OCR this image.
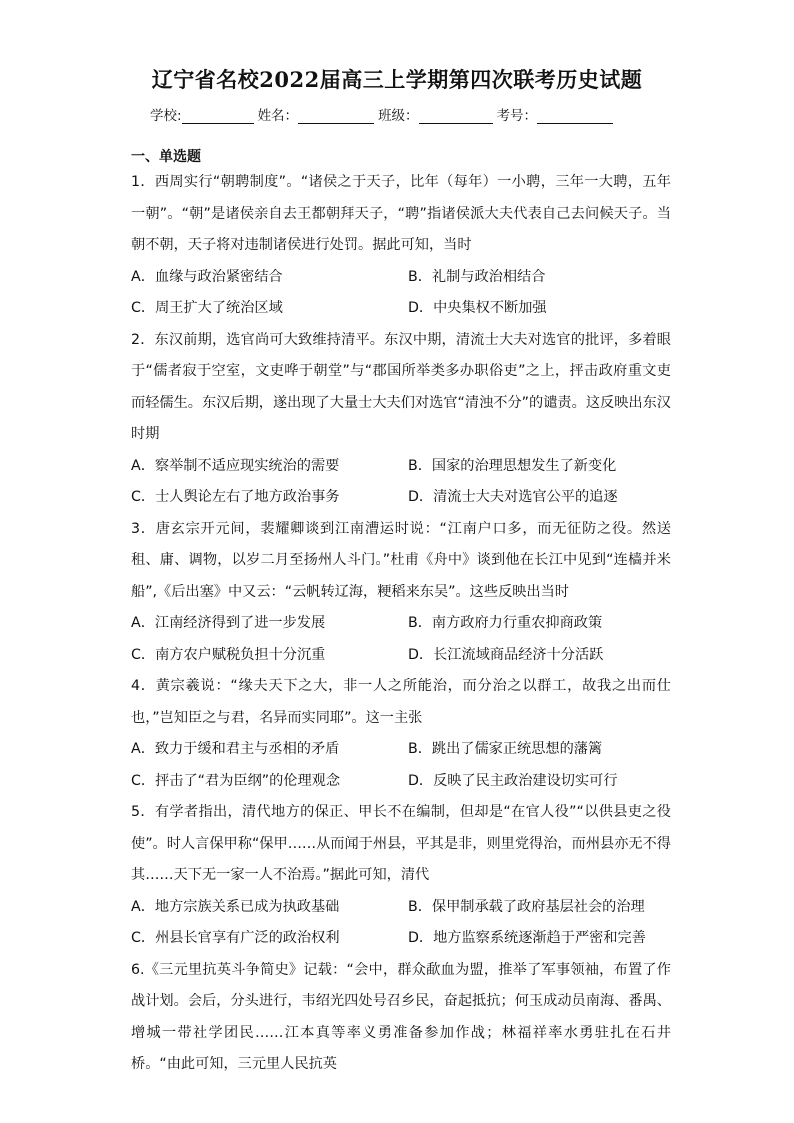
辽宁省名校2022届高三上学期第四次联考历史试题
学校:	姓名：	班级：	考号：
一、单选题
1．西周实行“朝聘制度”。“诸侯之于天子，比年（每年）一小聘，三年一大聘，五年一朝”。“朝”是诸侯亲自去王都朝拜天子，“聘”指诸侯派大夫代表自己去问候天子。当朝不朝，天子将对违制诸侯进行处罚。据此可知，当时
A．血缘与政治紧密结合	B．礼制与政治相结合
C．周王扩大了统治区域	D．中央集权不断加强
2．东汉前期，选官尚可大致维持清平。东汉中期，清流士大夫对选官的批评，多着眼于“儒者寂于空室，文吏哗于朝堂”与“郡国所举类多办职俗吏”之上，抨击政府重文吏而轻儒生。东汉后期，遂出现了大量士大夫们对选官“清浊不分”的谴责。这反映出东汉时期
A．察举制不适应现实统治的需要	B．国家的治理思想发生了新变化
C．士人舆论左右了地方政治事务	D．清流士大夫对选官公平的追逐
3．唐玄宗开元间，裴耀卿谈到江南漕运时说：“江南户口多，而无征防之役。然送租、庸、调物，以岁二月至扬州人斗门。”杜甫《舟中》谈到他在长江中见到“连樯并米船”,《后出塞》中又云：“云帆转辽海，粳稻来东吴”。这些反映出当时
A．江南经济得到了进一步发展	B．南方政府力行重农抑商政策
C．南方农户赋税负担十分沉重	D．长江流域商品经济十分活跃
4．黄宗羲说：“缘夫天下之大，非一人之所能治，而分治之以群工，故我之出而仕也，”岂知臣之与君，名异而实同耶”。这一主张
A．致力于缓和君主与丞相的矛盾	B．跳出了儒家正统思想的藩篱
C．抨击了“君为臣纲”的伦理观念	D．反映了民主政治建设切实可行
5．有学者指出，清代地方的保正、甲长不在编制，但却是“在官人役”“以供县吏之役使”。时人言保甲称“保甲……从而闻于州县，平其是非，则里党得治，而州县亦无不得其……天下无一家一人不治焉。”据此可知，清代
A．地方宗族关系已成为执政基础	B．保甲制承载了政府基层社会的治理
C．州县长官享有广泛的政治权利	D．地方监察系统逐渐趋于严密和完善
6.《三元里抗英斗争简史》记载：“会中，群众歃血为盟，推举了军事领袖，布置了作战计划。会后，分头进行，韦绍光四处号召乡民，奋起抵抗；何玉成动员南海、番禺、增城一带社学团民……江本真等率义勇准备参加作战；林福祥率水勇驻扎在石井桥。“由此可知，三元里人民抗英
